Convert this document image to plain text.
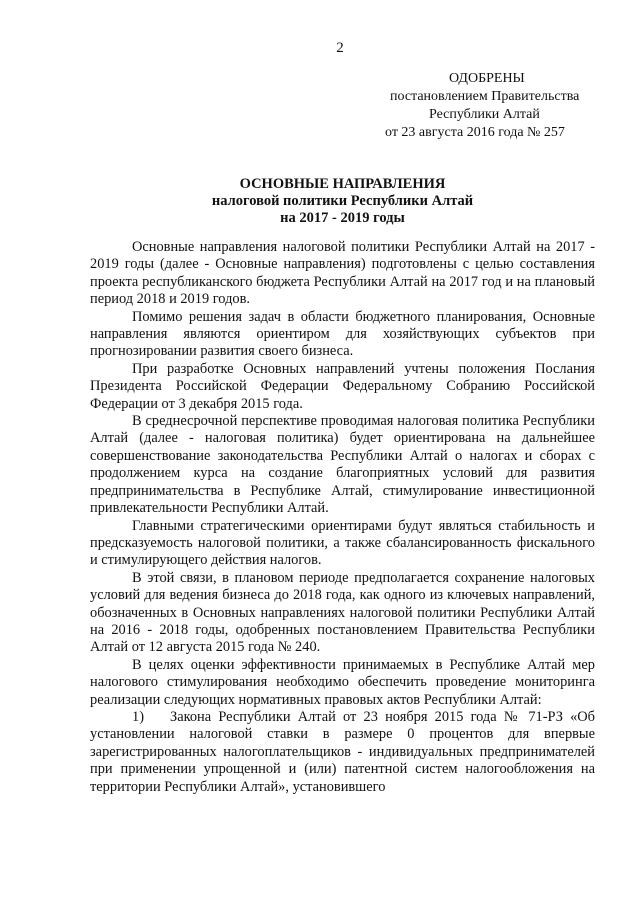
2
ОДОБРЕНЫ
постановлением Правительства
Республики Алтай
от 23 августа 2016 года № 257
ОСНОВНЫЕ НАПРАВЛЕНИЯ
налоговой политики Республики Алтай
на 2017 - 2019 годы

Основные направления налоговой политики Республики Алтай на 2017 - 2019 годы (далее - Основные направления) подготовлены с целью составления проекта республиканского бюджета Республики Алтай на 2017 год и на плановый период 2018 и 2019 годов.

Помимо решения задач в области бюджетного планирования, Основные направления являются ориентиром для хозяйствующих субъектов при прогнозировании развития своего бизнеса.

При разработке Основных направлений учтены положения Послания Президента Российской Федерации Федеральному Собранию Российской Федерации от 3 декабря 2015 года.

В среднесрочной перспективе проводимая налоговая политика Республики Алтай (далее - налоговая политика) будет ориентирована на дальнейшее совершенствование законодательства Республики Алтай о налогах и сборах с продолжением курса на создание благоприятных условий для развития предпринимательства в Республике Алтай, стимулирование инвестиционной привлекательности Республики Алтай.

Главными стратегическими ориентирами будут являться стабильность и предсказуемость налоговой политики, а также сбалансированность фискального и стимулирующего действия налогов.

В этой связи, в плановом периоде предполагается сохранение налоговых условий для ведения бизнеса до 2018 года, как одного из ключевых направлений, обозначенных в Основных направлениях налоговой политики Республики Алтай на 2016 - 2018 годы, одобренных постановлением Правительства Республики Алтай от 12 августа 2015 года № 240.

В целях оценки эффективности принимаемых в Республике Алтай мер налогового стимулирования необходимо обеспечить проведение мониторинга реализации следующих нормативных правовых актов Республики Алтай:

1) Закона Республики Алтай от 23 ноября 2015 года № 71-РЗ «Об установлении налоговой ставки в размере 0 процентов для впервые зарегистрированных налогоплательщиков - индивидуальных предпринимателей при применении упрощенной и (или) патентной систем налогообложения на территории Республики Алтай», установившего
